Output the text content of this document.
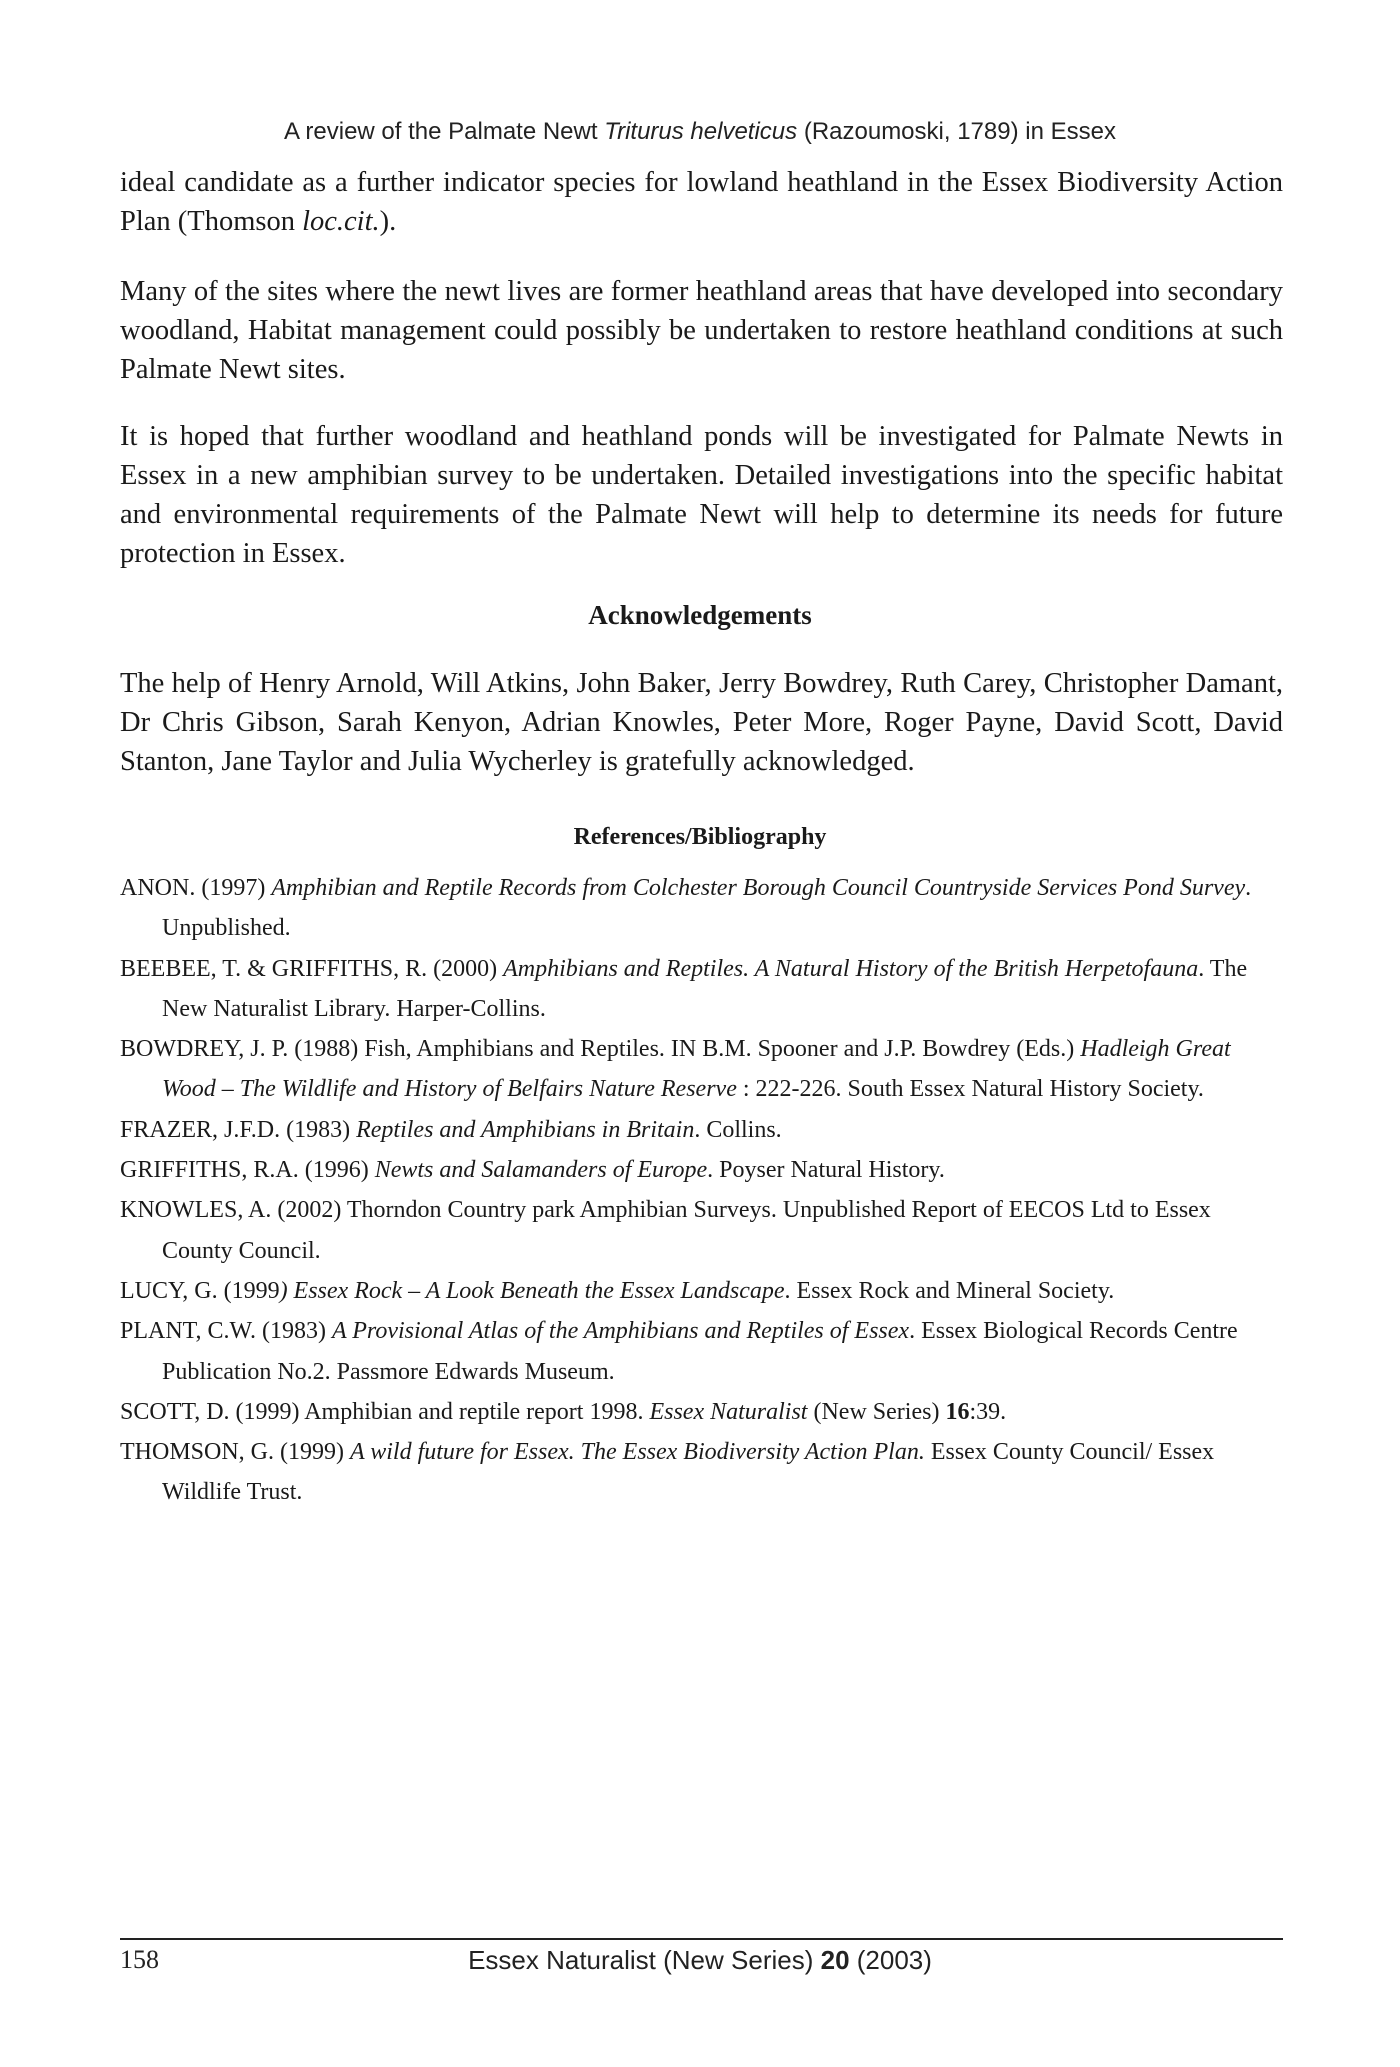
A review of the Palmate Newt Triturus helveticus (Razoumoski, 1789) in Essex
ideal candidate as a further indicator species for lowland heathland in the Essex Biodiversity Action Plan (Thomson loc.cit.).
Many of the sites where the newt lives are former heathland areas that have developed into secondary woodland, Habitat management could possibly be undertaken to restore heathland conditions at such Palmate Newt sites.
It is hoped that further woodland and heathland ponds will be investigated for Palmate Newts in Essex in a new amphibian survey to be undertaken. Detailed investigations into the specific habitat and environmental requirements of the Palmate Newt will help to determine its needs for future protection in Essex.
Acknowledgements
The help of Henry Arnold, Will Atkins, John Baker, Jerry Bowdrey, Ruth Carey, Christopher Damant, Dr Chris Gibson, Sarah Kenyon, Adrian Knowles, Peter More, Roger Payne, David Scott, David Stanton, Jane Taylor and Julia Wycherley is gratefully acknowledged.
References/Bibliography
ANON. (1997) Amphibian and Reptile Records from Colchester Borough Council Countryside Services Pond Survey. Unpublished.
BEEBEE, T. & GRIFFITHS, R. (2000) Amphibians and Reptiles. A Natural History of the British Herpetofauna. The New Naturalist Library. Harper-Collins.
BOWDREY, J. P. (1988) Fish, Amphibians and Reptiles. IN B.M. Spooner and J.P. Bowdrey (Eds.) Hadleigh Great Wood – The Wildlife and History of Belfairs Nature Reserve : 222-226. South Essex Natural History Society.
FRAZER, J.F.D. (1983) Reptiles and Amphibians in Britain. Collins.
GRIFFITHS, R.A. (1996) Newts and Salamanders of Europe. Poyser Natural History.
KNOWLES, A. (2002) Thorndon Country park Amphibian Surveys. Unpublished Report of EECOS Ltd to Essex County Council.
LUCY, G. (1999) Essex Rock – A Look Beneath the Essex Landscape. Essex Rock and Mineral Society.
PLANT, C.W. (1983) A Provisional Atlas of the Amphibians and Reptiles of Essex. Essex Biological Records Centre Publication No.2. Passmore Edwards Museum.
SCOTT, D. (1999) Amphibian and reptile report 1998. Essex Naturalist (New Series) 16:39.
THOMSON, G. (1999) A wild future for Essex. The Essex Biodiversity Action Plan. Essex County Council/ Essex Wildlife Trust.
158	Essex Naturalist (New Series) 20 (2003)
